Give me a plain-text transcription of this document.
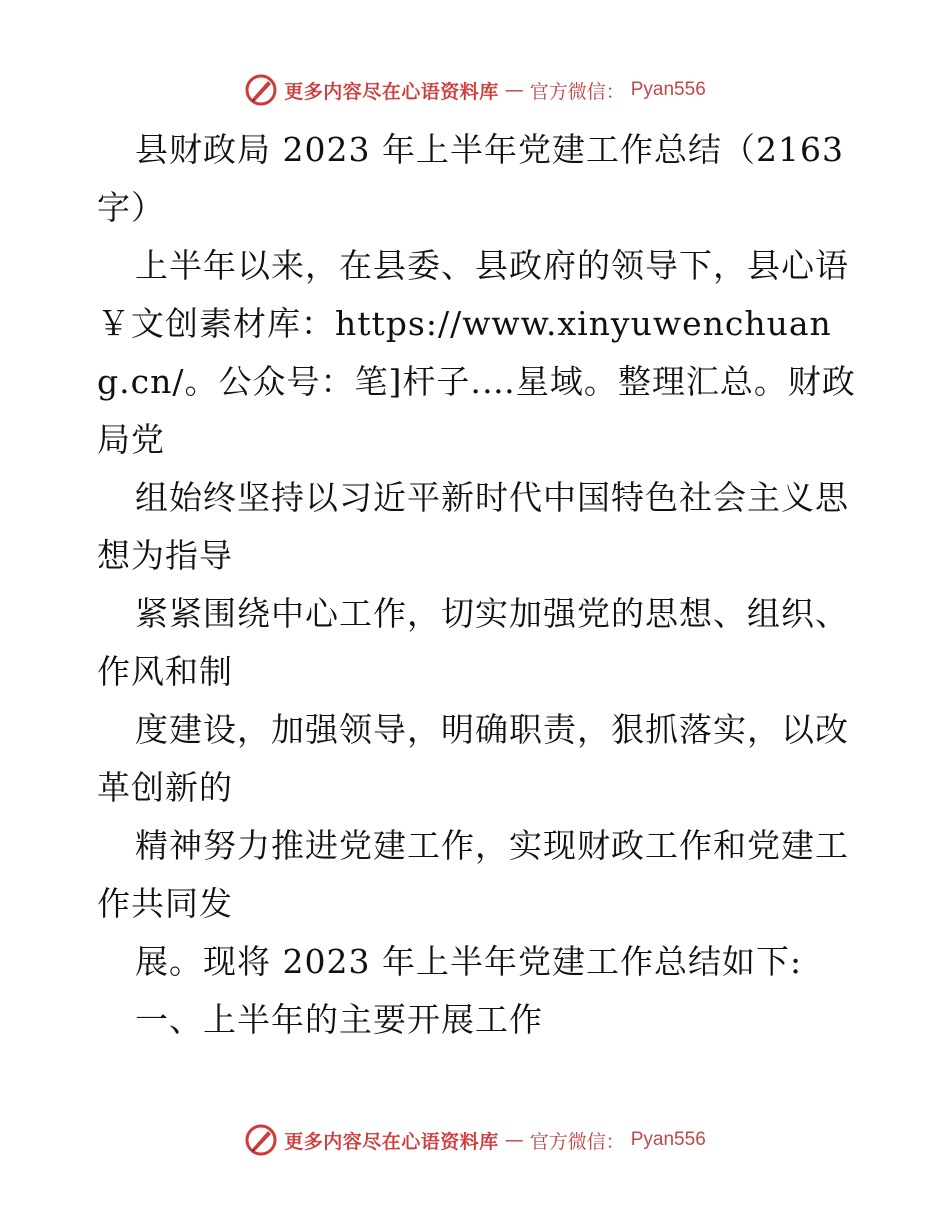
更多内容尽在心语资料库 — 官方微信： Pyan556

县财政局 2023 年上半年党建工作总结（2163 字）

上半年以来，在县委、县政府的领导下，县心语￥文创素材库：https://www.xinyuwenchuang.cn/。公众号：笔]杆子.…星域。整理汇总。财政局党

组始终坚持以习近平新时代中国特色社会主义思想为指导

紧紧围绕中心工作，切实加强党的思想、组织、作风和制

度建设，加强领导，明确职责，狠抓落实，以改革创新的

精神努力推进党建工作，实现财政工作和党建工作共同发

展。现将 2023 年上半年党建工作总结如下:

一、上半年的主要开展工作

更多内容尽在心语资料库 — 官方微信： Pyan556
